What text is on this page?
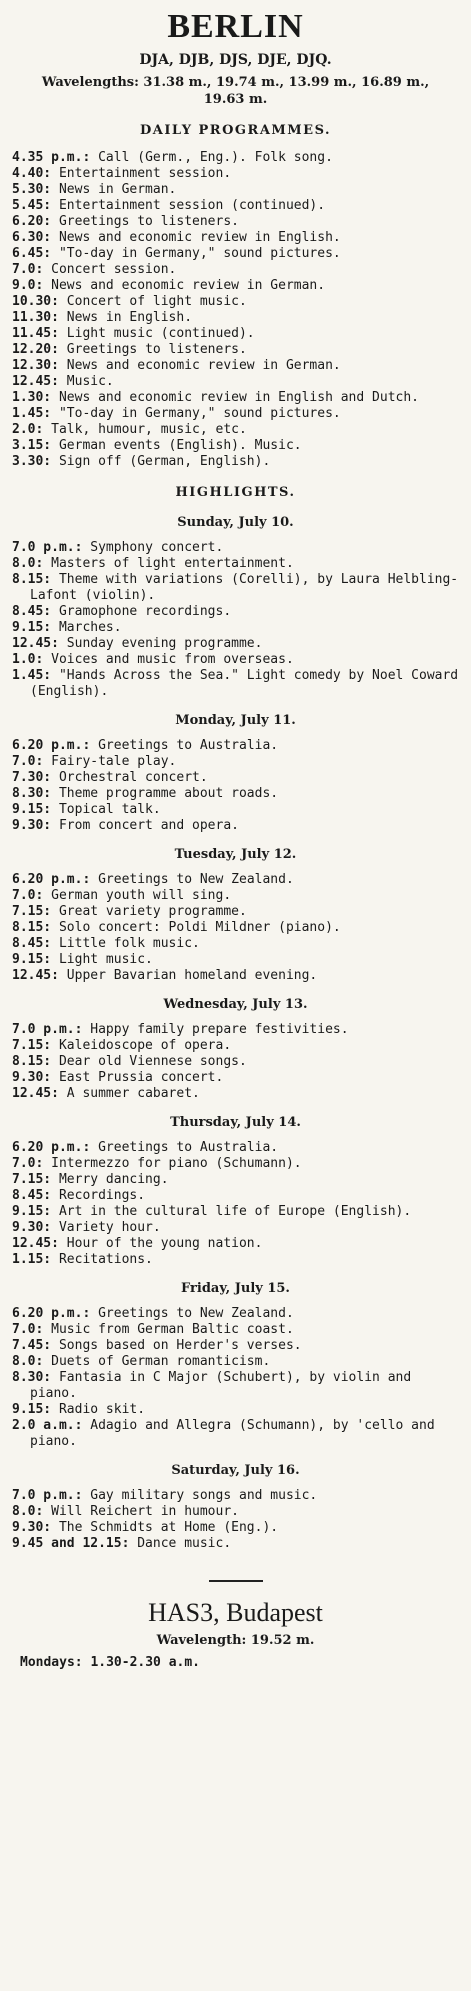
BERLIN
DJA, DJB, DJS, DJE, DJQ.
Wavelengths: 31.38 m., 19.74 m., 13.99 m., 16.89 m., 19.63 m.
DAILY PROGRAMMES.
4.35 p.m.: Call (Germ., Eng.). Folk song.
4.40: Entertainment session.
5.30: News in German.
5.45: Entertainment session (continued).
6.20: Greetings to listeners.
6.30: News and economic review in English.
6.45: "To-day in Germany," sound pictures.
7.0: Concert session.
9.0: News and economic review in German.
10.30: Concert of light music.
11.30: News in English.
11.45: Light music (continued).
12.20: Greetings to listeners.
12.30: News and economic review in German.
12.45: Music.
1.30: News and economic review in English and Dutch.
1.45: "To-day in Germany," sound pictures.
2.0: Talk, humour, music, etc.
3.15: German events (English). Music.
3.30: Sign off (German, English).
HIGHLIGHTS.
Sunday, July 10.
7.0 p.m.: Symphony concert.
8.0: Masters of light entertainment.
8.15: Theme with variations (Corelli), by Laura Helbling-Lafont (violin).
8.45: Gramophone recordings.
9.15: Marches.
12.45: Sunday evening programme.
1.0: Voices and music from overseas.
1.45: "Hands Across the Sea." Light comedy by Noel Coward (English).
Monday, July 11.
6.20 p.m.: Greetings to Australia.
7.0: Fairy-tale play.
7.30: Orchestral concert.
8.30: Theme programme about roads.
9.15: Topical talk.
9.30: From concert and opera.
Tuesday, July 12.
6.20 p.m.: Greetings to New Zealand.
7.0: German youth will sing.
7.15: Great variety programme.
8.15: Solo concert: Poldi Mildner (piano).
8.45: Little folk music.
9.15: Light music.
12.45: Upper Bavarian homeland evening.
Wednesday, July 13.
7.0 p.m.: Happy family prepare festivities.
7.15: Kaleidoscope of opera.
8.15: Dear old Viennese songs.
9.30: East Prussia concert.
12.45: A summer cabaret.
Thursday, July 14.
6.20 p.m.: Greetings to Australia.
7.0: Intermezzo for piano (Schumann).
7.15: Merry dancing.
8.45: Recordings.
9.15: Art in the cultural life of Europe (English).
9.30: Variety hour.
12.45: Hour of the young nation.
1.15: Recitations.
Friday, July 15.
6.20 p.m.: Greetings to New Zealand.
7.0: Music from German Baltic coast.
7.45: Songs based on Herder's verses.
8.0: Duets of German romanticism.
8.30: Fantasia in C Major (Schubert), by violin and piano.
9.15: Radio skit.
2.0 a.m.: Adagio and Allegra (Schumann), by 'cello and piano.
Saturday, July 16.
7.0 p.m.: Gay military songs and music.
8.0: Will Reichert in humour.
9.30: The Schmidts at Home (Eng.).
9.45 and 12.15: Dance music.
HAS3, Budapest
Wavelength: 19.52 m.
Mondays: 1.30-2.30 a.m.
